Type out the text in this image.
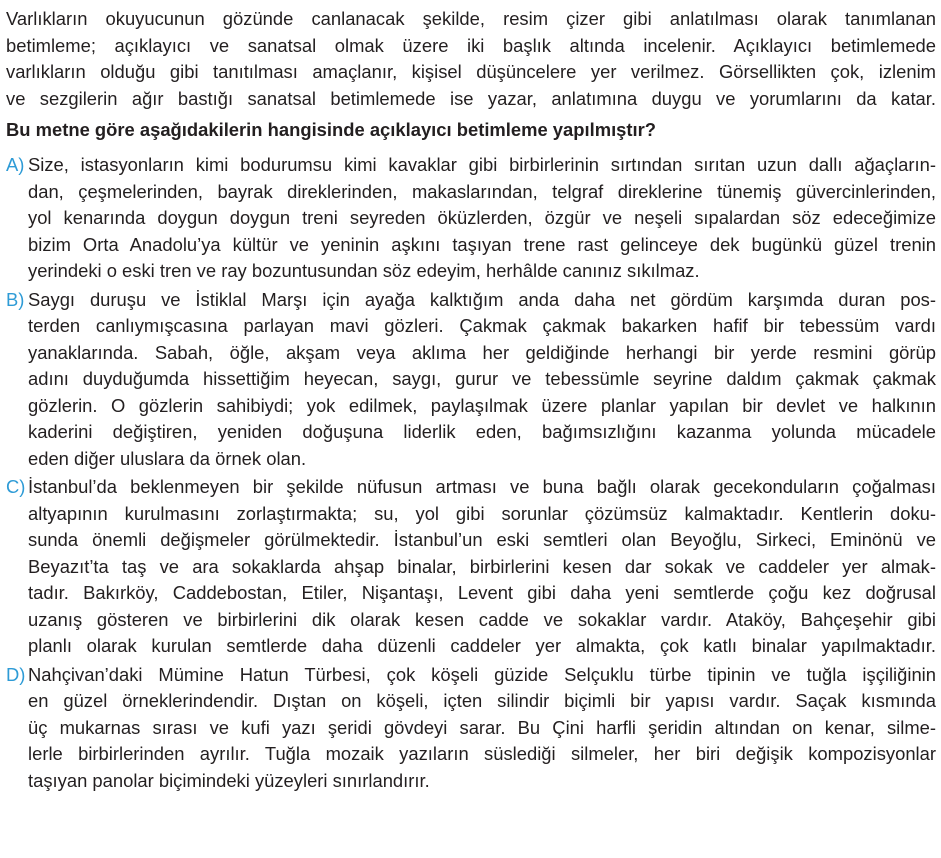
Varlıkların okuyucunun gözünde canlanacak şekilde, resim çizer gibi anlatılması olarak tanımlanan
betimleme; açıklayıcı ve sanatsal olmak üzere iki başlık altında incelenir. Açıklayıcı betimlemede
varlıkların olduğu gibi tanıtılması amaçlanır, kişisel düşüncelere yer verilmez. Görsellikten çok, izlenim
ve sezgilerin ağır bastığı sanatsal betimlemede ise yazar, anlatımına duygu ve yorumlarını da katar.
Bu metne göre aşağıdakilerin hangisinde açıklayıcı betimleme yapılmıştır?
A) Size, istasyonların kimi bodurumsu kimi kavaklar gibi birbirlerinin sırtından sırıtan uzun dallı ağaçların-
dan, çeşmelerinden, bayrak direklerinden, makaslarından, telgraf direklerine tünemiş güvercinlerinden,
yol kenarında doygun doygun treni seyreden öküzlerden, özgür ve neşeli sıpalardan söz edeceğimize
bizim Orta Anadolu’ya kültür ve yeninin aşkını taşıyan trene rast gelinceye dek bugünkü güzel trenin
yerindeki o eski tren ve ray bozuntusundan söz edeyim, herhâlde canınız sıkılmaz.
B) Saygı duruşu ve İstiklal Marşı için ayağa kalktığım anda daha net gördüm karşımda duran pos-
terden canlıymışcasına parlayan mavi gözleri. Çakmak çakmak bakarken hafif bir tebessüm vardı
yanaklarında. Sabah, öğle, akşam veya aklıma her geldiğinde herhangi bir yerde resmini görüp
adını duyduğumda hissettiğim heyecan, saygı, gurur ve tebessümle seyrine daldım çakmak çakmak
gözlerin. O gözlerin sahibiydi; yok edilmek, paylaşılmak üzere planlar yapılan bir devlet ve halkının
kaderini değiştiren, yeniden doğuşuna liderlik eden, bağımsızlığını kazanma yolunda mücadele
eden diğer uluslara da örnek olan.
C) İstanbul’da beklenmeyen bir şekilde nüfusun artması ve buna bağlı olarak gecekonduların çoğalması
altyapının kurulmasını zorlaştırmakta; su, yol gibi sorunlar çözümsüz kalmaktadır. Kentlerin doku-
sunda önemli değişmeler görülmektedir. İstanbul’un eski semtleri olan Beyoğlu, Sirkeci, Eminönü ve
Beyazıt’ta taş ve ara sokaklarda ahşap binalar, birbirlerini kesen dar sokak ve caddeler yer almak-
tadır. Bakırköy, Caddebostan, Etiler, Nişantaşı, Levent gibi daha yeni semtlerde çoğu kez doğrusal
uzanış gösteren ve birbirlerini dik olarak kesen cadde ve sokaklar vardır. Ataköy, Bahçeşehir gibi
planlı olarak kurulan semtlerde daha düzenli caddeler yer almakta, çok katlı binalar yapılmaktadır.
D) Nahçivan’daki Mümine Hatun Türbesi, çok köşeli güzide Selçuklu türbe tipinin ve tuğla işçiliğinin
en güzel örneklerindendir. Dıştan on köşeli, içten silindir biçimli bir yapısı vardır. Saçak kısmında
üç mukarnas sırası ve kufi yazı şeridi gövdeyi sarar. Bu Çini harfli şeridin altından on kenar, silme-
lerle birbirlerinden ayrılır. Tuğla mozaik yazıların süslediği silmeler, her biri değişik kompozisyonlar
taşıyan panolar biçimindeki yüzeyleri sınırlandırır.
